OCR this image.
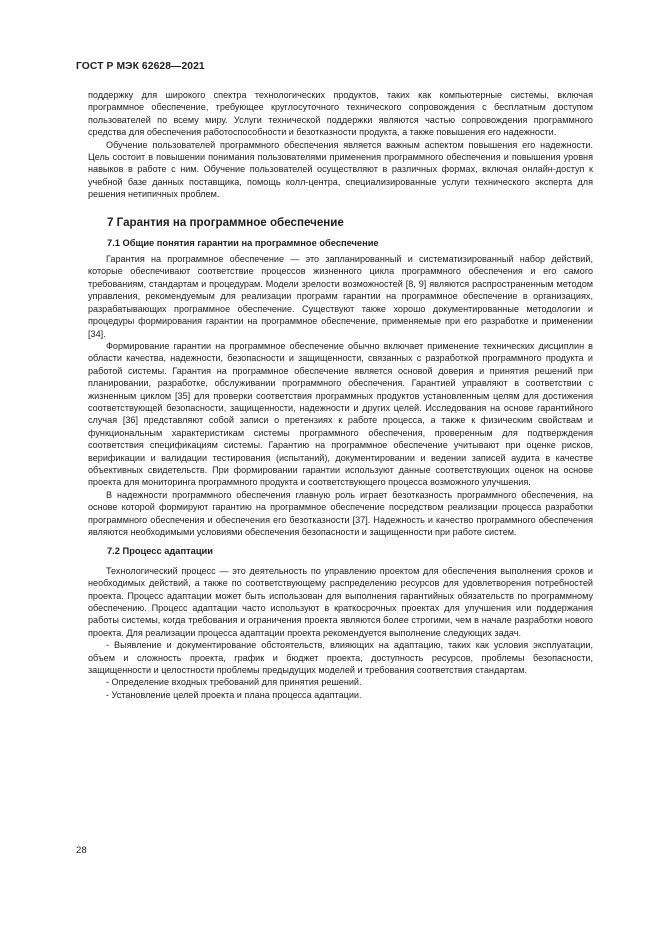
ГОСТ Р МЭК 62628—2021

поддержку для широкого спектра технологических продуктов, таких как компьютерные системы, включая программное обеспечение, требующее круглосуточного технического сопровождения с бесплатным доступом пользователей по всему миру. Услуги технической поддержки являются частью сопровождения программного средства для обеспечения работоспособности и безотказности продукта, а также повышения его надежности.

Обучение пользователей программного обеспечения является важным аспектом повышения его надежности. Цель состоит в повышении понимания пользователями применения программного обеспечения и повышения уровня навыков в работе с ним. Обучение пользователей осуществляют в различных формах, включая онлайн-доступ к учебной базе данных поставщика, помощь колл-центра, специализированные услуги технического эксперта для решения нетипичных проблем.

7 Гарантия на программное обеспечение
7.1 Общие понятия гарантии на программное обеспечение

Гарантия на программное обеспечение — это запланированный и систематизированный набор действий, которые обеспечивают соответствие процессов жизненного цикла программного обеспечения и его самого требованиям, стандартам и процедурам. Модели зрелости возможностей [8, 9] являются распространенным методом управления, рекомендуемым для реализации программ гарантии на программное обеспечение в организациях, разрабатывающих программное обеспечение. Существуют также хорошо документированные методологии и процедуры формирования гарантии на программное обеспечение, применяемые при его разработке и применении [34].

Формирование гарантии на программное обеспечение обычно включает применение технических дисциплин в области качества, надежности, безопасности и защищенности, связанных с разработкой программного продукта и работой системы. Гарантия на программное обеспечение является основой доверия и принятия решений при планировании, разработке, обслуживании программного обеспечения. Гарантией управляют в соответствии с жизненным циклом [35] для проверки соответствия программных продуктов установленным целям для достижения соответствующей безопасности, защищенности, надежности и других целей. Исследования на основе гарантийного случая [36] представляют собой записи о претензиях к работе процесса, а также к физическим свойствам и функциональным характеристикам системы программного обеспечения, проверенным для подтверждения соответствия спецификациям системы. Гарантию на программное обеспечение учитывают при оценке рисков, верификации и валидации тестирования (испытаний), документировании и ведении записей аудита в качестве объективных свидетельств. При формировании гарантии используют данные соответствующих оценок на основе проекта для мониторинга программного продукта и соответствующего процесса возможного улучшения.

В надежности программного обеспечения главную роль играет безотказность программного обеспечения, на основе которой формируют гарантию на программное обеспечение посредством реализации процесса разработки программного обеспечения и обеспечения его безотказности [37]. Надежность и качество программного обеспечения являются необходимыми условиями обеспечения безопасности и защищенности при работе систем.

7.2 Процесс адаптации

Технологический процесс — это деятельность по управлению проектом для обеспечения выполнения сроков и необходимых действий, а также по соответствующему распределению ресурсов для удовлетворения потребностей проекта. Процесс адаптации может быть использован для выполнения гарантийных обязательств по программному обеспечению. Процесс адаптации часто используют в краткосрочных проектах для улучшения или поддержания работы системы, когда требования и ограничения проекта являются более строгими, чем в начале разработки нового проекта. Для реализации процесса адаптации проекта рекомендуется выполнение следующих задач.

- Выявление и документирование обстоятельств, влияющих на адаптацию, таких как условия эксплуатации, объем и сложность проекта, график и бюджет проекта, доступность ресурсов, проблемы безопасности, защищенности и целостности проблемы предыдущих моделей и требования соответствия стандартам.
- Определение входных требований для принятия решений.
- Установление целей проекта и плана процесса адаптации.
28
